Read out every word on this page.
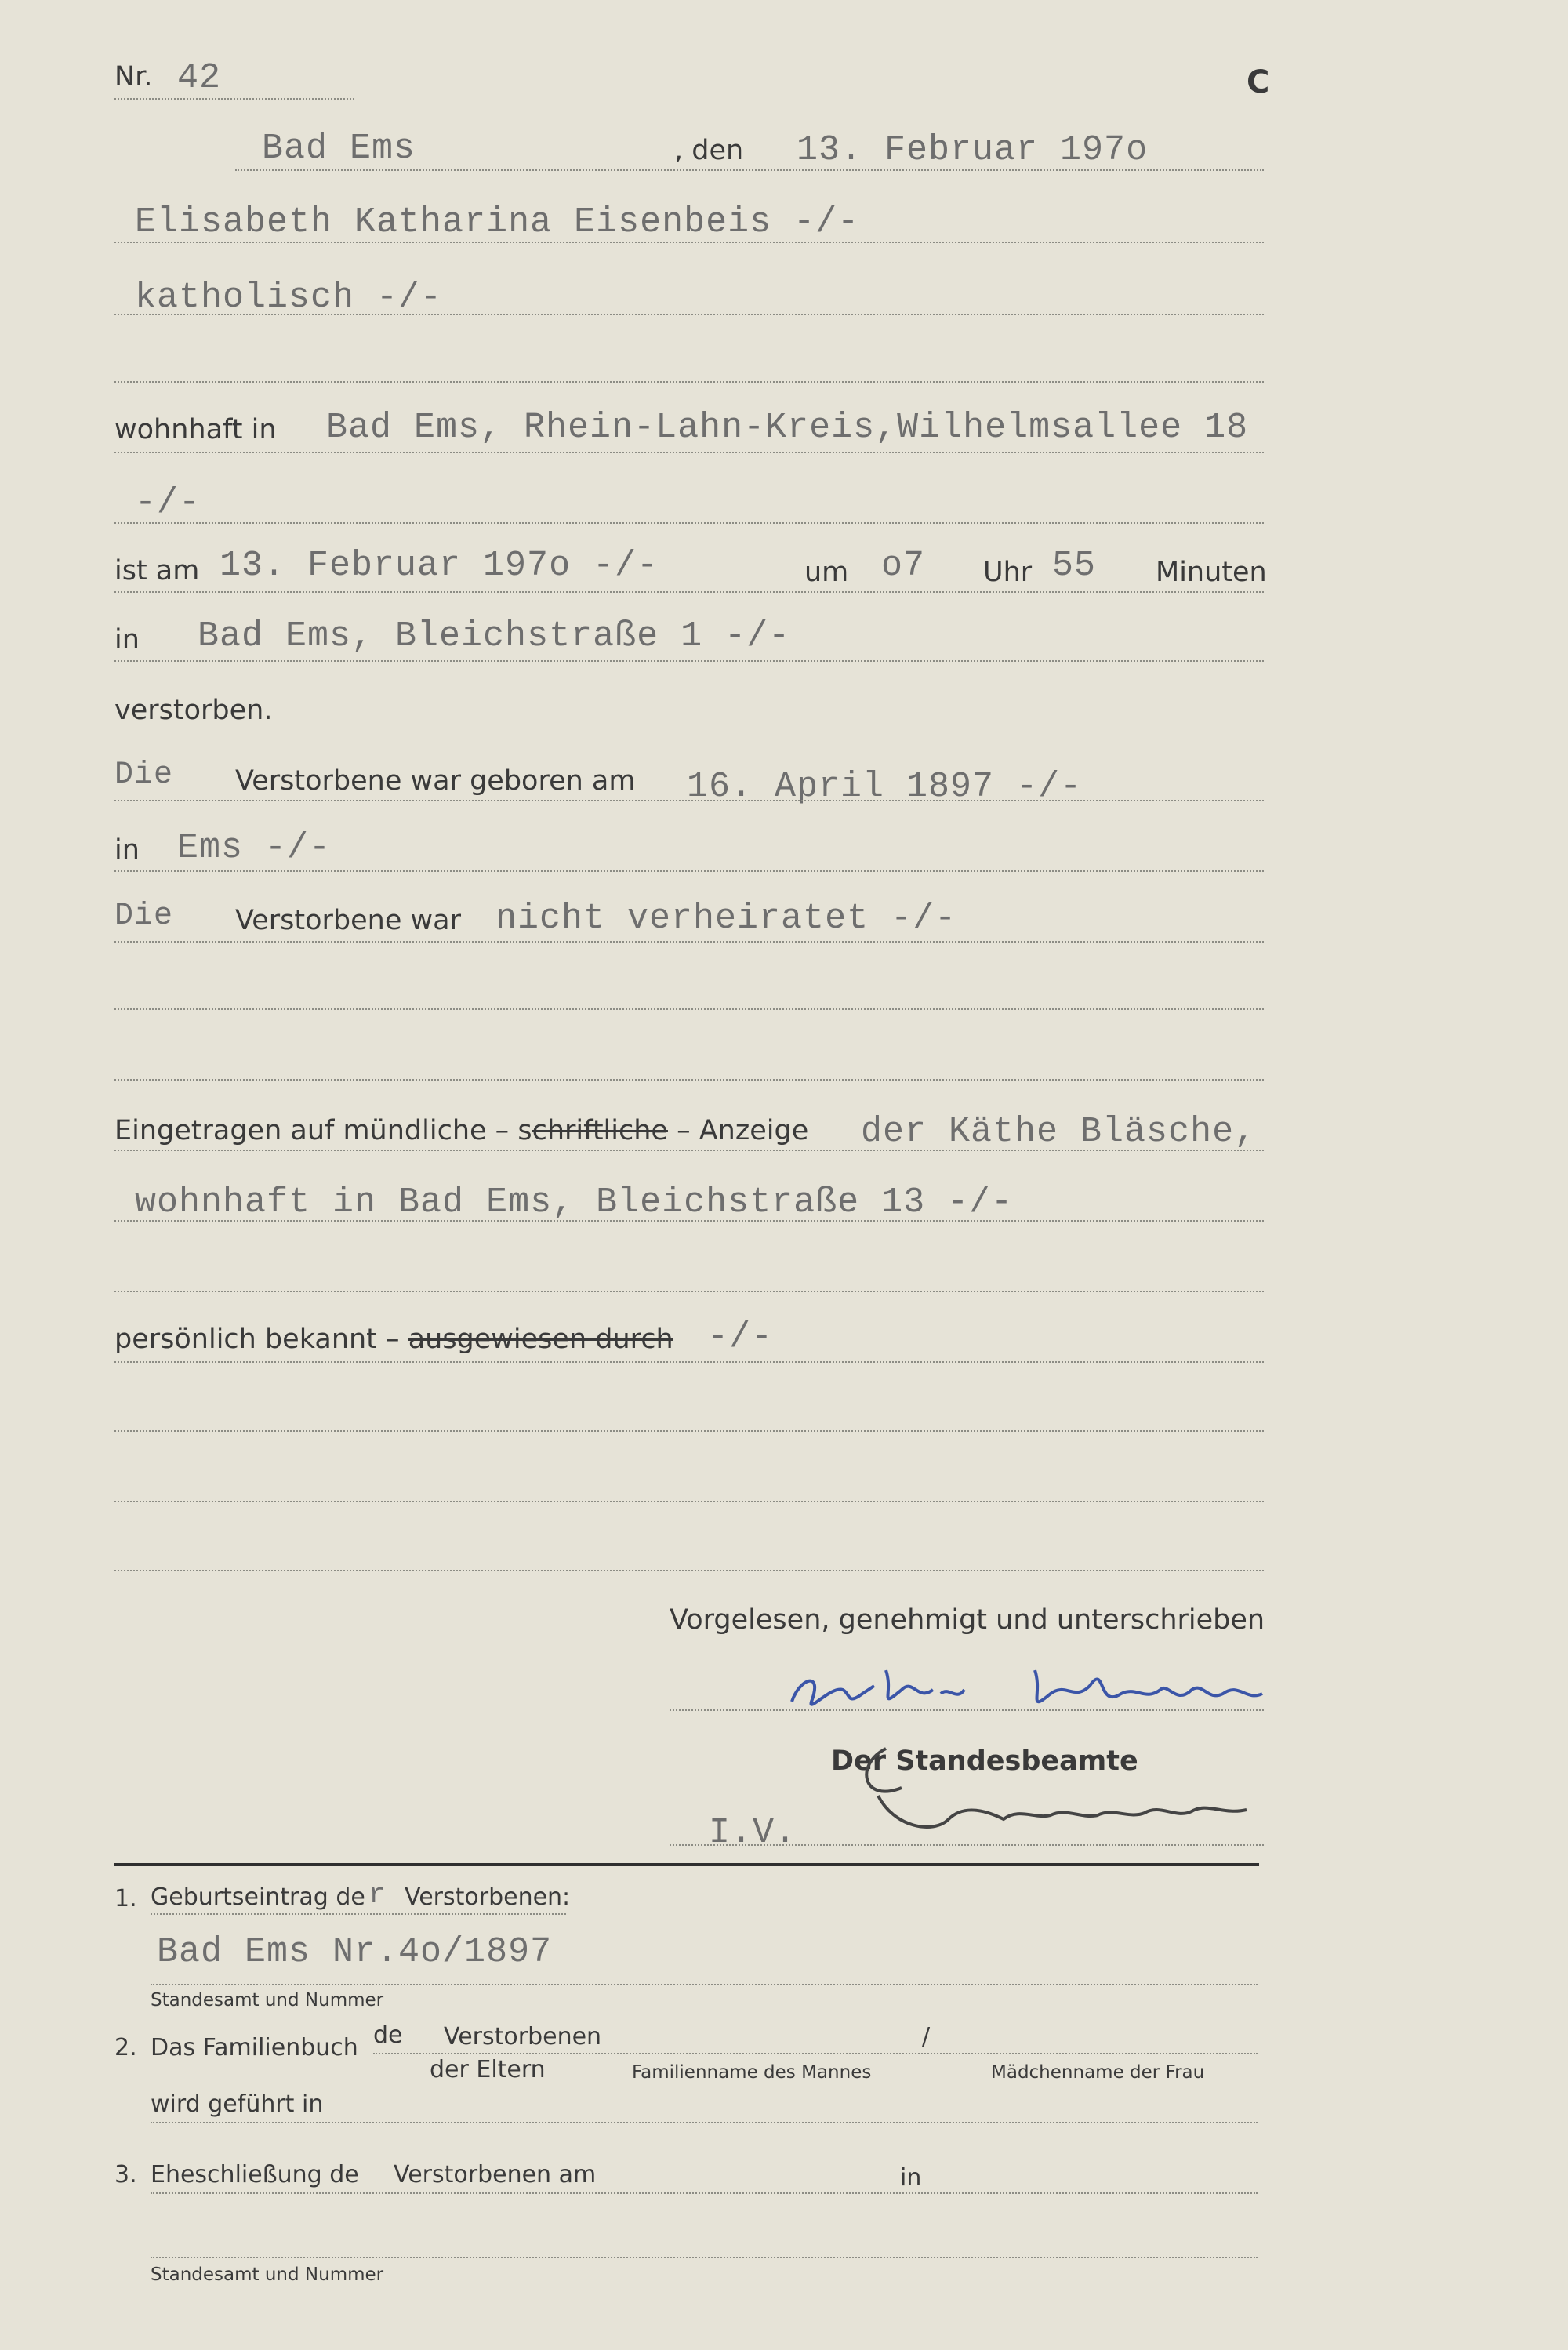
Nr. 42	C
Bad Ems	, den 13. Februar 197o
Elisabeth Katharina Eisenbeis -/-
katholisch -/-
wohnhaft in Bad Ems, Rhein-Lahn-Kreis,Wilhelmsallee 18
-/-
ist am 13. Februar 197o -/-	um o7 Uhr 55 Minuten
in Bad Ems, Bleichstraße 1 -/-
verstorben.
Die Verstorbene war geboren am 16. April 1897 -/-
in Ems -/-
Die Verstorbene war nicht verheiratet -/-
Eingetragen auf mündliche – schriftliche – Anzeige der Käthe Bläsche,
wohnhaft in Bad Ems, Bleichstraße 13 -/-
persönlich bekannt – ausgewiesen durch -/-
Vorgelesen, genehmigt und unterschrieben
Der Standesbeamte
I.V.
1. Geburtseintrag de r Verstorbenen:
Bad Ems Nr.4o/1897
Standesamt und Nummer
2. Das Familienbuch de Verstorbenen	/
der Eltern	Familienname des Mannes	Mädchenname der Frau
wird geführt in
3. Eheschließung de Verstorbenen am	in
Standesamt und Nummer
